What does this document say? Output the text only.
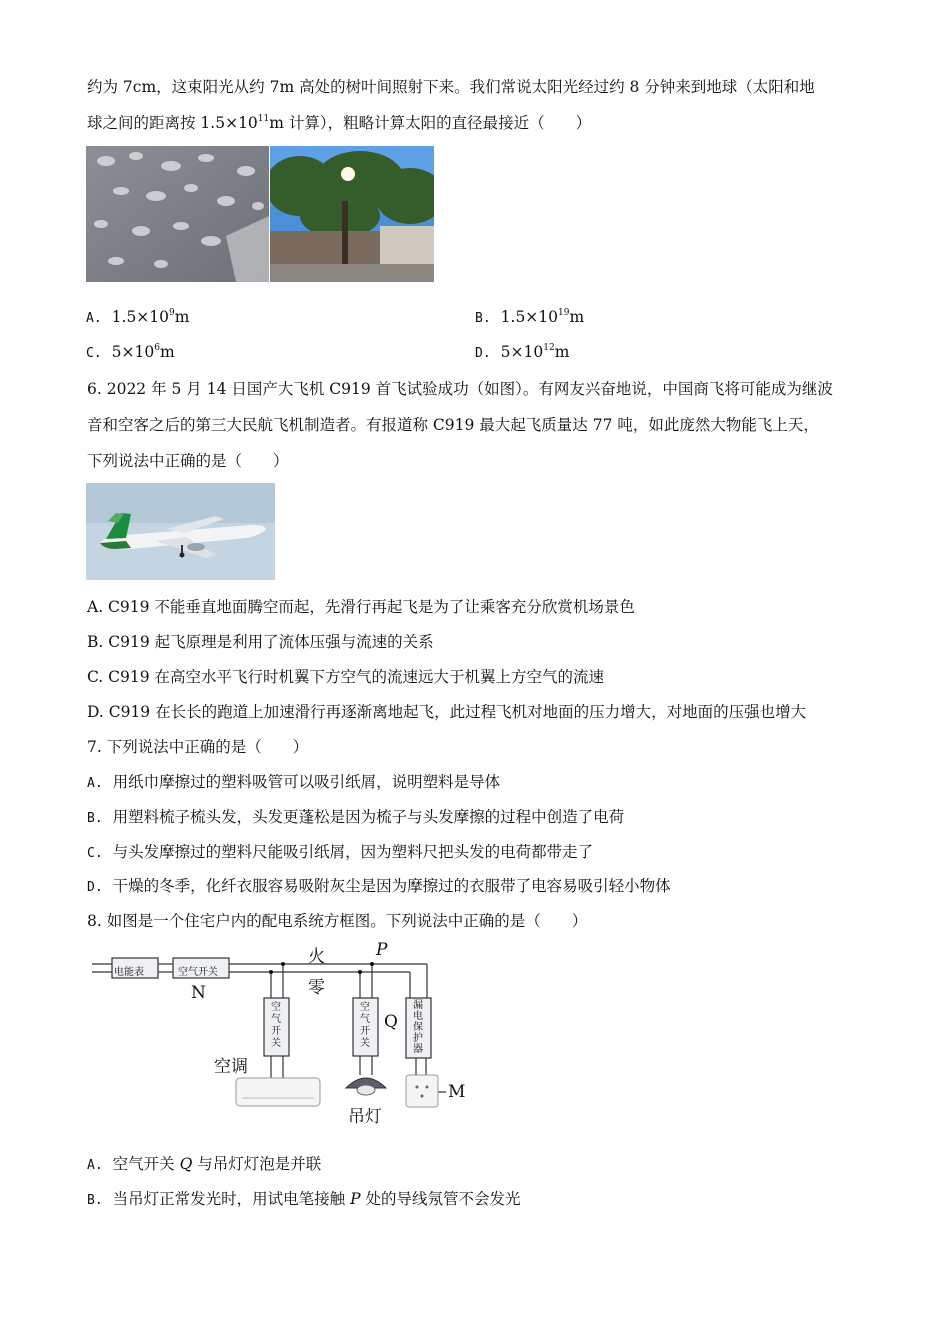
约为 7cm，这束阳光从约 7m 高处的树叶间照射下来。我们常说太阳光经过约 8 分钟来到地球（太阳和地
球之间的距离按 $1.5\times 10^{11}m$ 计算），粗略计算太阳的直径最接近（　　）
A. $1.5\times 10^9m$	B. $1.5\times 10^{19}m$
C. $5\times 10^6m$	D. $5\times 10^{12}m$
6. 2022 年 5 月 14 日国产大飞机 C919 首飞试验成功（如图）。有网友兴奋地说，中国商飞将可能成为继波
音和空客之后的第三大民航飞机制造者。有报道称 C919 最大起飞质量达 77 吨，如此庞然大物能飞上天，
下列说法中正确的是（　　）
A. C919 不能垂直地面腾空而起，先滑行再起飞是为了让乘客充分欣赏机场景色
B. C919 起飞原理是利用了流体压强与流速的关系
C. C919 在高空水平飞行时机翼下方空气的流速远大于机翼上方空气的流速
D. C919 在长长的跑道上加速滑行再逐渐离地起飞，此过程飞机对地面的压力增大，对地面的压强也增大
7. 下列说法中正确的是（　　）
A. 用纸巾摩擦过的塑料吸管可以吸引纸屑，说明塑料是导体
B. 用塑料梳子梳头发，头发更蓬松是因为梳子与头发摩擦的过程中创造了电荷
C. 与头发摩擦过的塑料尺能吸引纸屑，因为塑料尺把头发的电荷都带走了
D. 干燥的冬季，化纤衣服容易吸附灰尘是因为摩擦过的衣服带了电容易吸引轻小物体
8. 如图是一个住宅户内的配电系统方框图。下列说法中正确的是（　　）
电能表	空气开关
火
零
P
N
Q
M
空
气
开
关
空
气
开
关
漏
电
保
护
器
空调
吊灯
A. 空气开关 Q 与吊灯灯泡是并联
B. 当吊灯正常发光时，用试电笔接触 P 处的导线氖管不会发光
